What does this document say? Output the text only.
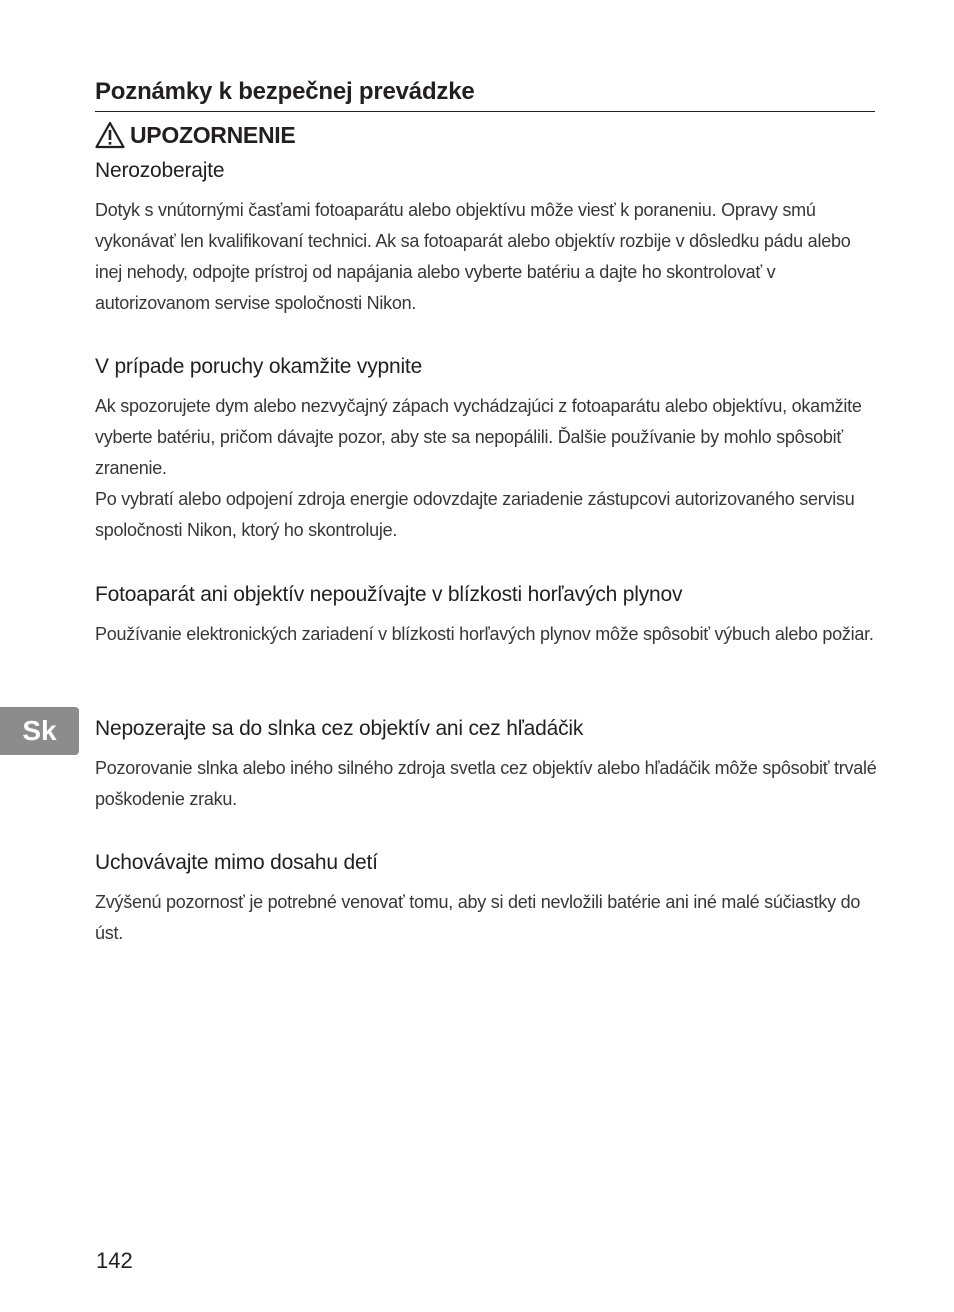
Poznámky k bezpečnej prevádzke
UPOZORNENIE
Nerozoberajte

Dotyk s vnútornými časťami fotoaparátu alebo objektívu môže viesť k poraneniu. Opravy smú vykonávať len kvalifikovaní technici. Ak sa fotoaparát alebo objektív rozbije v dôsledku pádu alebo inej nehody, odpojte prístroj od napájania alebo vyberte batériu a dajte ho skontrolovať v autorizovanom servise spoločnosti Nikon.

V prípade poruchy okamžite vypnite

Ak spozorujete dym alebo nezvyčajný zápach vychádzajúci z fotoaparátu alebo objektívu, okamžite vyberte batériu, pričom dávajte pozor, aby ste sa nepopálili. Ďalšie používanie by mohlo spôsobiť zranenie.

Po vybratí alebo odpojení zdroja energie odovzdajte zariadenie zástupcovi autorizovaného servisu spoločnosti Nikon, ktorý ho skontroluje.

Fotoaparát ani objektív nepoužívajte v blízkosti horľavých plynov

Používanie elektronických zariadení v blízkosti horľavých plynov môže spôsobiť výbuch alebo požiar.

Nepozerajte sa do slnka cez objektív ani cez hľadáčik

Pozorovanie slnka alebo iného silného zdroja svetla cez objektív alebo hľadáčik môže spôsobiť trvalé poškodenie zraku.

Uchovávajte mimo dosahu detí

Zvýšenú pozornosť je potrebné venovať tomu, aby si deti nevložili batérie ani iné malé súčiastky do úst.

Sk
142
